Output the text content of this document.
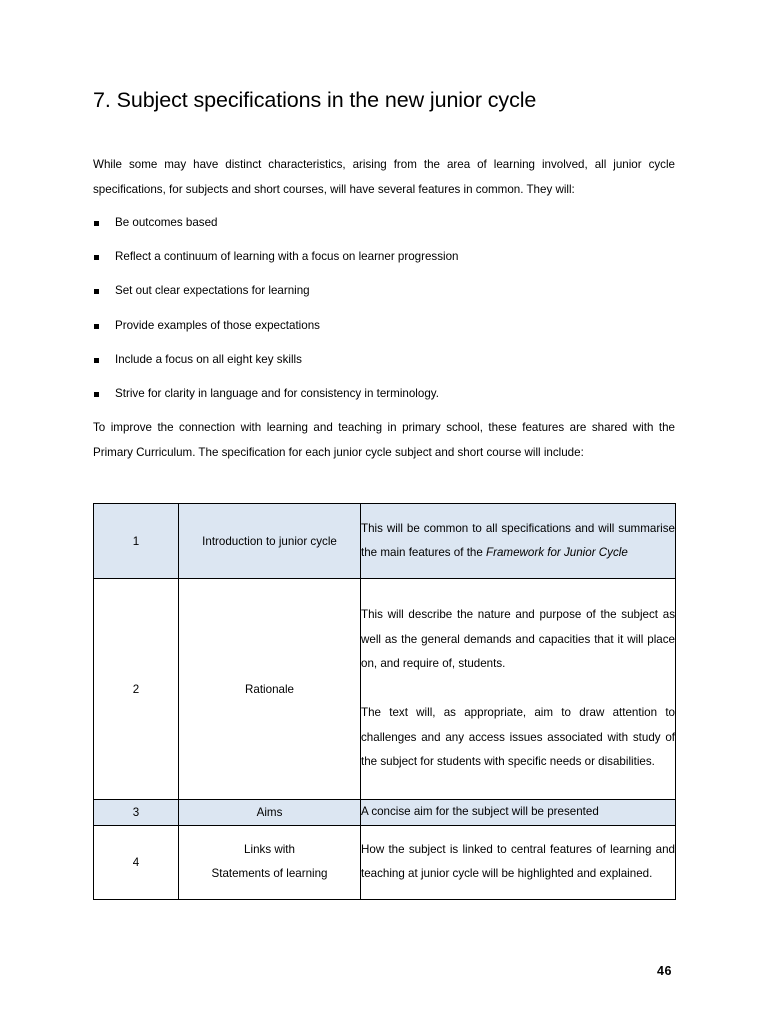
7. Subject specifications in the new junior cycle

While some may have distinct characteristics, arising from the area of learning involved, all junior cycle specifications, for subjects and short courses, will have several features in common. They will:

Be outcomes based
Reflect a continuum of learning with a focus on learner progression
Set out clear expectations for learning
Provide examples of those expectations
Include a focus on all eight key skills
Strive for clarity in language and for consistency in terminology.

To improve the connection with learning and teaching in primary school, these features are shared with the Primary Curriculum. The specification for each junior cycle subject and short course will include:

1	Introduction to junior cycle	This will be common to all specifications and will summarise the main features of the Framework for Junior Cycle
2	Rationale	This will describe the nature and purpose of the subject as well as the general demands and capacities that it will place on, and require of, students.
The text will, as appropriate, aim to draw attention to challenges and any access issues associated with study of the subject for students with specific needs or disabilities.
3	Aims	A concise aim for the subject will be presented
4	Links with
Statements of learning	How the subject is linked to central features of learning and teaching at junior cycle will be highlighted and explained.
46
